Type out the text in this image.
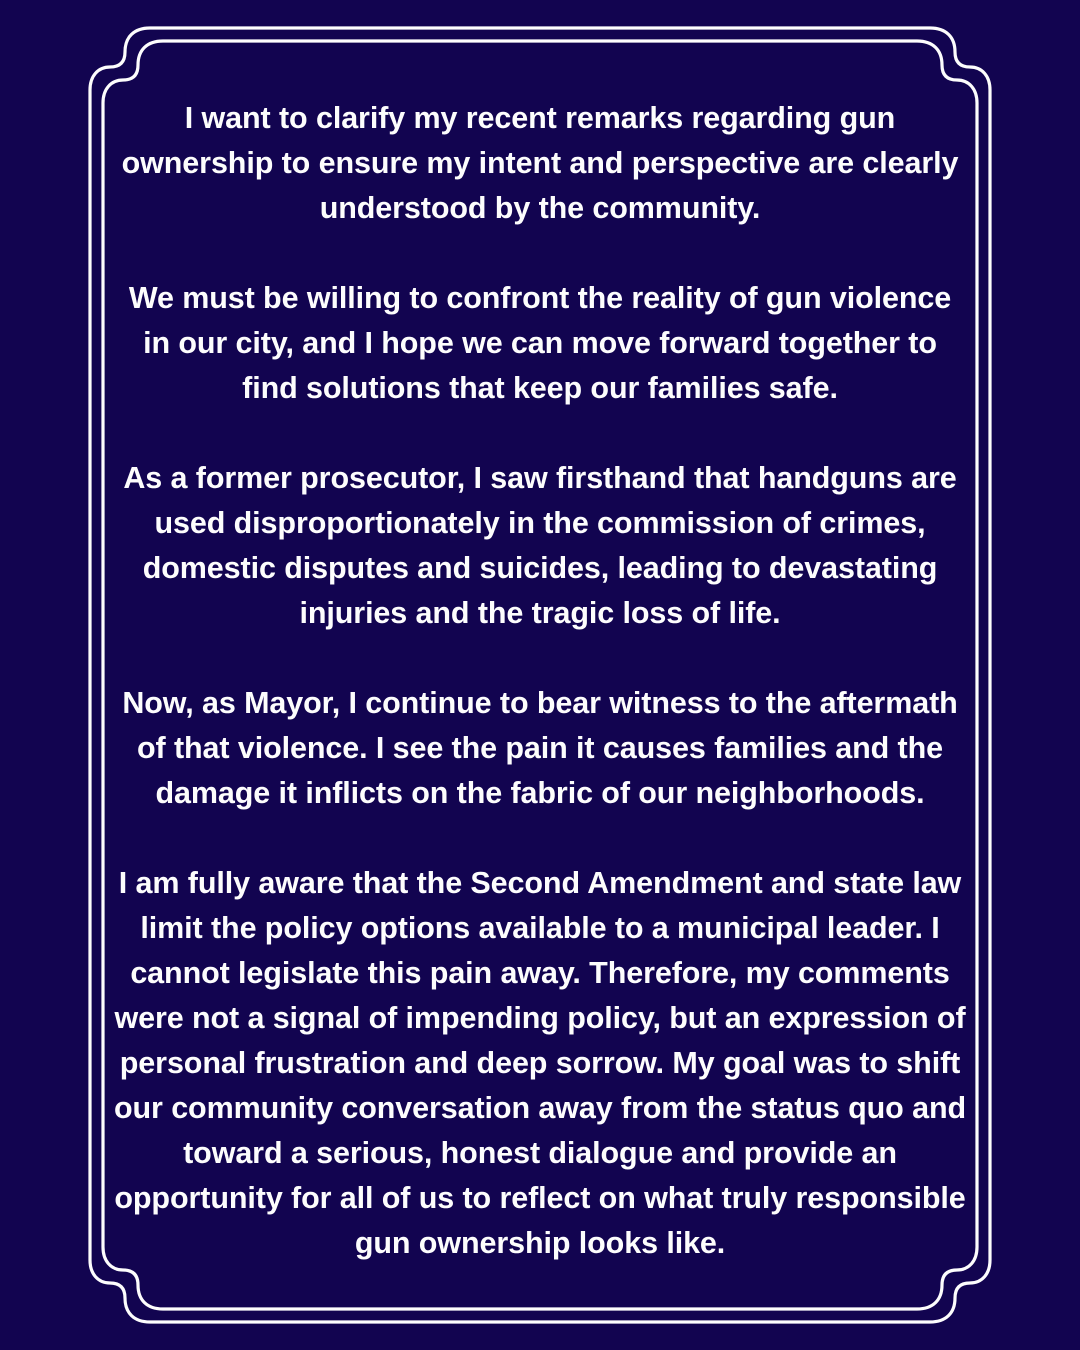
I want to clarify my recent remarks regarding gun ownership to ensure my intent and perspective are clearly understood by the community.

We must be willing to confront the reality of gun violence in our city, and I hope we can move forward together to find solutions that keep our families safe.

As a former prosecutor, I saw firsthand that handguns are used disproportionately in the commission of crimes, domestic disputes and suicides, leading to devastating injuries and the tragic loss of life.

Now, as Mayor, I continue to bear witness to the aftermath of that violence. I see the pain it causes families and the damage it inflicts on the fabric of our neighborhoods.

I am fully aware that the Second Amendment and state law limit the policy options available to a municipal leader. I cannot legislate this pain away. Therefore, my comments were not a signal of impending policy, but an expression of personal frustration and deep sorrow. My goal was to shift our community conversation away from the status quo and toward a serious, honest dialogue and provide an opportunity for all of us to reflect on what truly responsible gun ownership looks like.
